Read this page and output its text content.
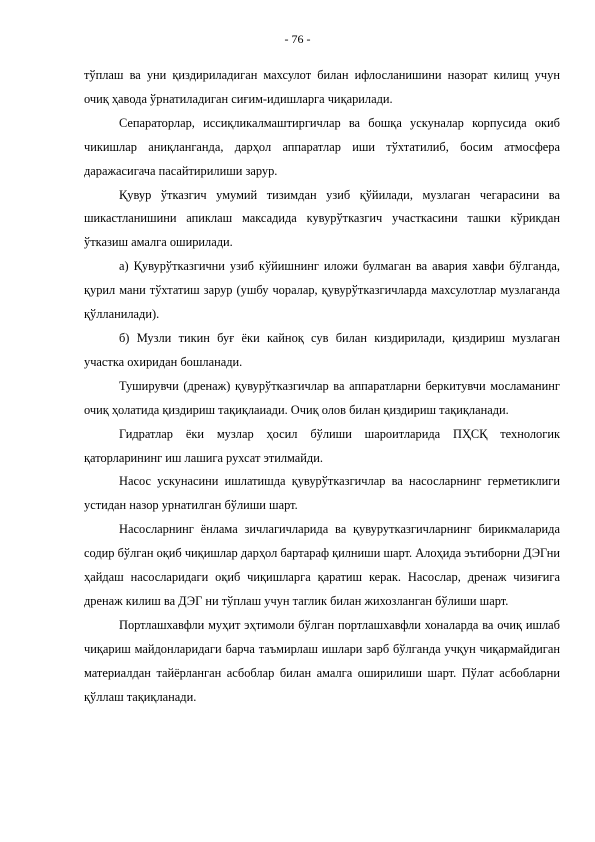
- 76 -

тўплаш ва уни қиздириладиган махсулот билан ифлосланишини назорат килищ учун очиқ ҳавода ўрнатиладиган сиғим-идишларга чиқарилади.

Сепараторлар, иссиқликалмаштиргичлар ва бошқа ускуналар корпусида окиб чикишлар аниқланганда, дарҳол аппаратлар иши тўхтатилиб, босим атмосфера даражасигача пасайтирилиши зарур.

Қувур ўтказгич умумий тизимдан узиб қўйилади, музлаган чегарасини ва шикастланишини апиклаш максадида кувурўтказгич участкасини ташки кўрикдан ўтказиш амалга оширилади.

а) Қувурўтказгични узиб кўйишнинг иложи булмаган ва авария хавфи бўлганда, қурил мани тўхтатиш зарур (ушбу чоралар, қувурўтказгичларда махсулотлар музлаганда қўлланилади).

б) Музли тикин буғ ёки кайноқ сув билан киздирилади, қиздириш музлаган участка охиридан бошланади.

Туширувчи (дренаж) қувурўтказгичлар ва аппаратларни беркитувчи мосламанинг очиқ ҳолатида қиздириш тақиқлаиади. Очиқ олов билан қиздириш тақиқланади.

Гидратлар ёки музлар ҳосил бўлиши шароитларида ПҲСҚ технологик қаторларининг иш лашига рухсат этилмайди.

Насос ускунасини ишлатишда қувурўтказгичлар ва насосларнинг герметиклиги устидан назор урнатилган бўлиши шарт.

Насосларнинг ёнлама зичлагичларида ва қувуруткaзгичларнинг бирикмаларида содир бўлган оқиб чиқишлар дарҳол бартараф қилниши шарт. Алоҳида эътиборни ДЭГни ҳайдаш насосларидаги оқиб чиқишларга қаратиш керак. Насослар, дренаж чизиғига дренаж килиш ва ДЭГ ни тўплаш учун таглик билан жихозланган бўлиши шарт.

Портлашхавфли муҳит эҳтимоли бўлган портлашхавфли хоналарда ва очиқ ишлаб чиқариш майдонларидаги барча таъмирлаш ишлари зарб бўлганда учқун чиқармайдиган материалдан тайёрланган асбоблар билан амалга оширилиши шарт. Пўлат асбобларни қўллаш тақиқланади.
